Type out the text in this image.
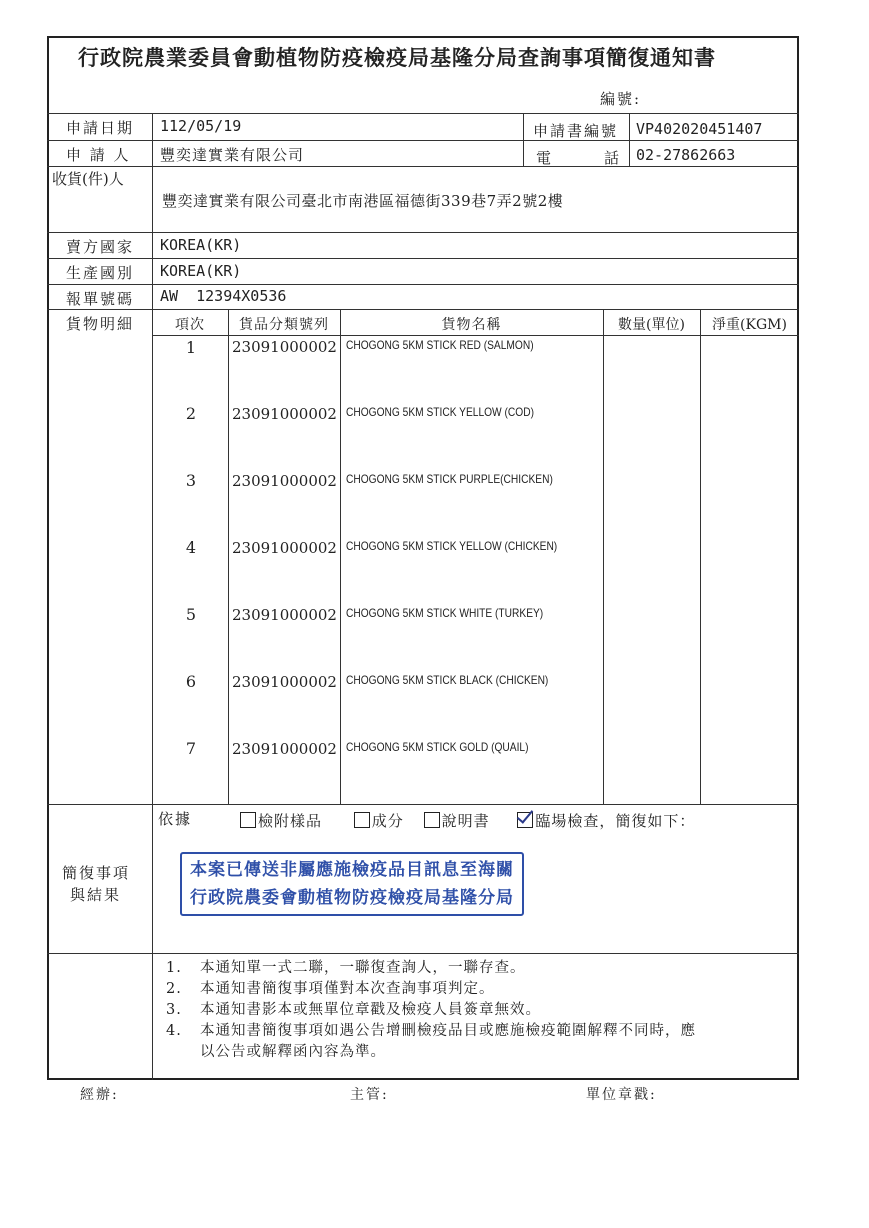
行政院農業委員會動植物防疫檢疫局基隆分局查詢事項簡復通知書
編號:
申請日期 112/05/19	申請書編號 VP402020451407
申 請 人 豐奕達實業有限公司	電　　　話 02-27862663
收貨(件)人
豐奕達實業有限公司臺北市南港區福德街339巷7弄2號2樓
賣方國家 KOREA(KR)
生產國別 KOREA(KR)
報單號碼 AW  12394X0536
貨物明細	項次	貨品分類號列	貨物名稱	數量(單位)	淨重(KGM)
1	23091000002 CHOGONG 5KM STICK RED (SALMON)
2	23091000002 CHOGONG 5KM STICK YELLOW (COD)
3	23091000002 CHOGONG 5KM STICK PURPLE(CHICKEN)
4	23091000002 CHOGONG 5KM STICK YELLOW (CHICKEN)
5	23091000002 CHOGONG 5KM STICK WHITE (TURKEY)
6	23091000002 CHOGONG 5KM STICK BLACK (CHICKEN)
7	23091000002 CHOGONG 5KM STICK GOLD (QUAIL)
簡復事項
與結果
依據	檢附樣品	成分	說明書	臨場檢查，簡復如下：
本案已傳送非屬應施檢疫品目訊息至海關
行政院農委會動植物防疫檢疫局基隆分局
1. 本通知單一式二聯，一聯復查詢人，一聯存查。
2. 本通知書簡復事項僅對本次查詢事項判定。
3. 本通知書影本或無單位章戳及檢疫人員簽章無效。
4. 本通知書簡復事項如遇公告增刪檢疫品目或應施檢疫範圍解釋不同時，應
以公告或解釋函內容為準。
經辦:	主管:	單位章戳:
